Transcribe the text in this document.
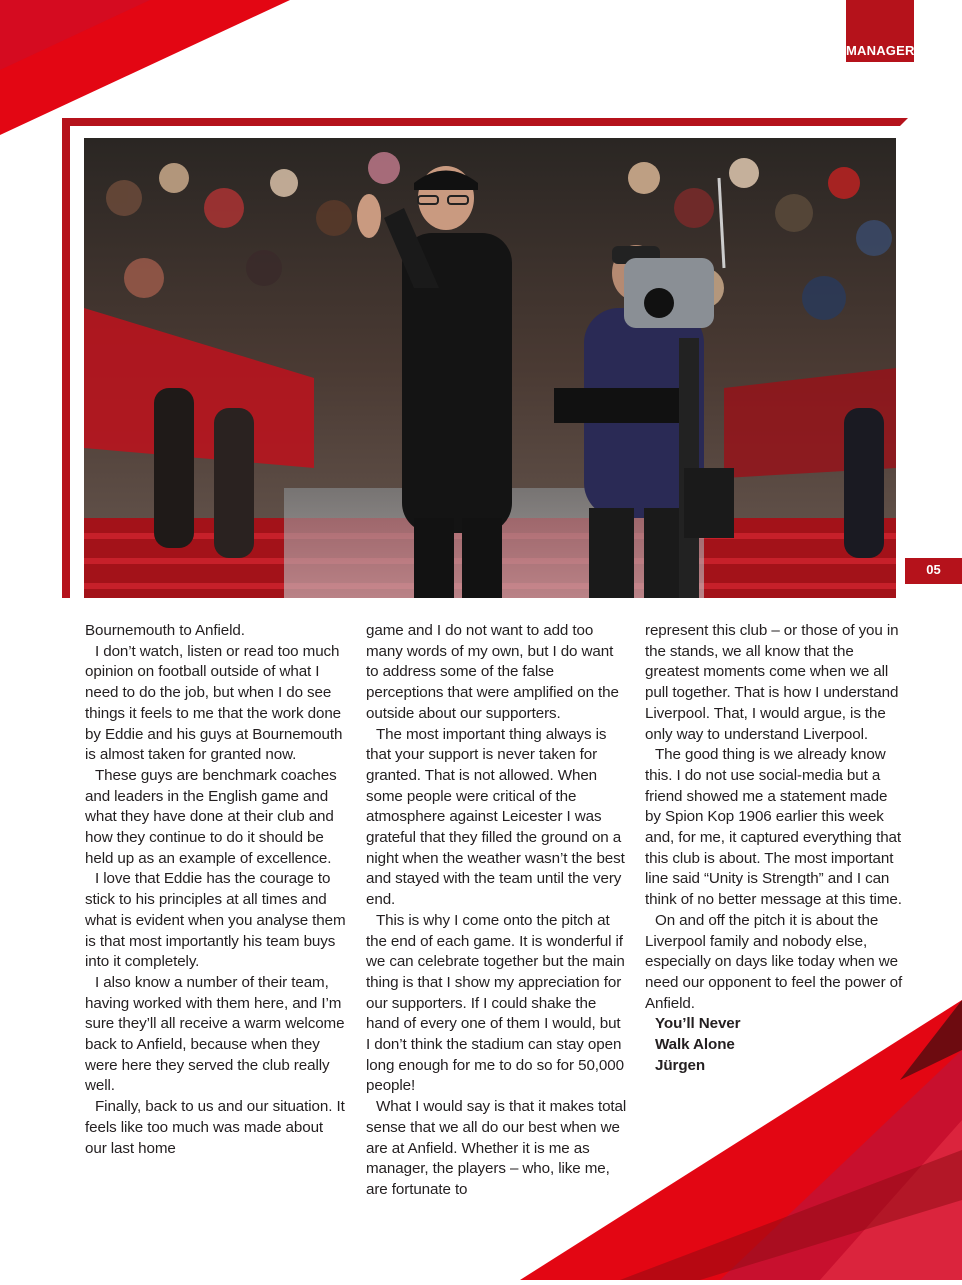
MANAGER
05

Bournemouth to Anfield.

I don’t watch, listen or read too much opinion on football outside of what I need to do the job, but when I do see things it feels to me that the work done by Eddie and his guys at Bournemouth is almost taken for granted now.

These guys are benchmark coaches and leaders in the English game and what they have done at their club and how they continue to do it should be held up as an example of excellence.

I love that Eddie has the courage to stick to his principles at all times and what is evident when you analyse them is that most importantly his team buys into it completely.

I also know a number of their team, having worked with them here, and I’m sure they’ll all receive a warm welcome back to Anfield, because when they were here they served the club really well.

Finally, back to us and our situation. It feels like too much was made about our last home

game and I do not want to add too many words of my own, but I do want to address some of the false perceptions that were amplified on the outside about our supporters.

The most important thing always is that your support is never taken for granted. That is not allowed. When some people were critical of the atmosphere against Leicester I was grateful that they filled the ground on a night when the weather wasn’t the best and stayed with the team until the very end.

This is why I come onto the pitch at the end of each game. It is wonderful if we can celebrate together but the main thing is that I show my appreciation for our supporters. If I could shake the hand of every one of them I would, but I don’t think the stadium can stay open long enough for me to do so for 50,000 people!

What I would say is that it makes total sense that we all do our best when we are at Anfield. Whether it is me as manager, the players – who, like me, are fortunate to

represent this club – or those of you in the stands, we all know that the greatest moments come when we all pull together. That is how I understand Liverpool. That, I would argue, is the only way to understand Liverpool.

The good thing is we already know this. I do not use social-media but a friend showed me a statement made by Spion Kop 1906 earlier this week and, for me, it captured everything that this club is about. The most important line said “Unity is Strength” and I can think of no better message at this time.

On and off the pitch it is about the Liverpool family and nobody else, especially on days like today when we need our opponent to feel the power of Anfield.

You’ll Never

Walk Alone

Jürgen
